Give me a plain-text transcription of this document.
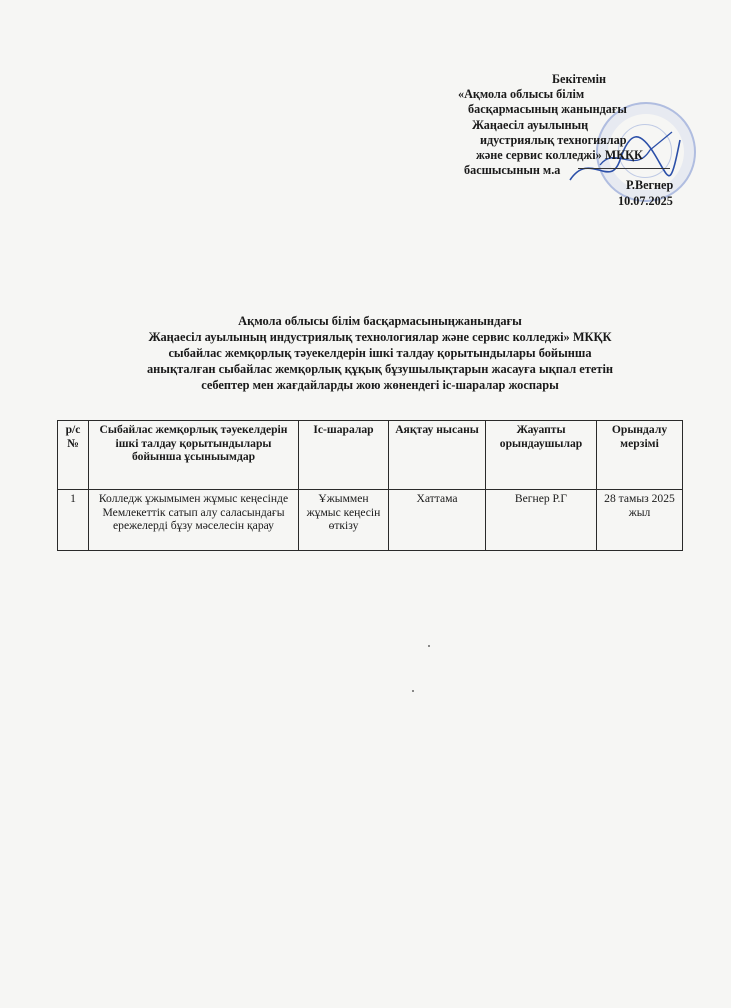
Бекітемін
«Ақмола облысы білім
басқармасының жанындағы
Жаңаесіл ауылының
идустриялық техногиялар
және сервис колледжі» МКҚК
басшысынын м.а
Р.Вегнер
10.07.2025
Ақмола облысы білім басқармасыныңжанындағы
Жаңаесіл ауылының индустриялық технологиялар және сервис колледжі» МКҚК
сыбайлас жемқорлық тәуекелдерін ішкі талдау қорытындылары бойынша
анықталған сыбайлас жемқорлық құқық бұзушылықтарын жасауға ықпал ететін
себептер мен жағдайларды жою жөнендегі іс-шаралар жоспары
р/с №	Сыбайлас жемқорлық тәуекелдерін ішкі талдау қорытындылары бойынша ұсыныымдар	Іс-шаралар	Аяқтау нысаны	Жауапты орындаушылар	Орындалу мерзімі
1	Колледж ұжымымен жұмыс кеңесінде Мемлекеттік сатып алу саласындағы ережелерді бұзу мәселесін қарау	Ұжыммен жұмыс кеңесін өткізу	Хаттама	Вегнер Р.Г	28 тамыз 2025 жыл
